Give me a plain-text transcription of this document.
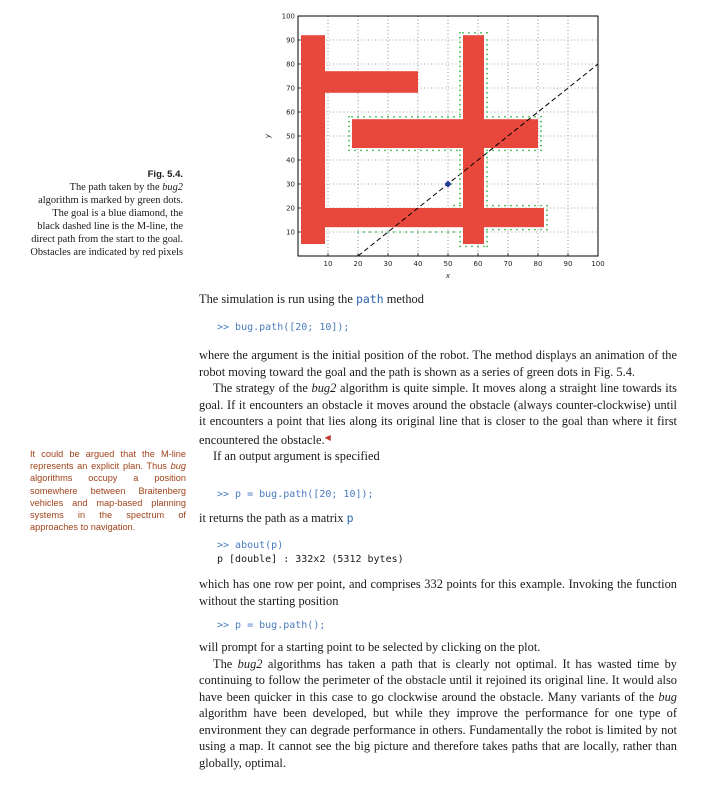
10	20	30	40	50	60	70	80	90	100
10
20
30
40
50
60
70
80
90
100
x
y
Fig. 5.4.
The path taken by the bug2 algorithm is marked by green dots. The goal is a blue diamond, the black dashed line is the M-line, the direct path from the start to the goal. Obstacles are indicated by red pixels
It could be argued that the M-line represents an explicit plan. Thus bug algorithms occupy a position somewhere between Braitenberg vehicles and map-based planning systems in the spectrum of approaches to navigation.

The simulation is run using the path method

>> bug.path([20; 10]);

where the argument is the initial position of the robot. The method displays an animation of the robot moving toward the goal and the path is shown as a series of green dots in Fig. 5.4.

The strategy of the bug2 algorithm is quite simple. It moves along a straight line towards its goal. If it encounters an obstacle it moves around the obstacle (always counter-clockwise) until it encounters a point that lies along its original line that is closer to the goal than where it first encountered the obstacle.◀

If an output argument is specified

>> p = bug.path([20; 10]);

it returns the path as a matrix p

>> about(p)
p [double] : 332x2 (5312 bytes)

which has one row per point, and comprises 332 points for this example. Invoking the function without the starting position

>> p = bug.path();

will prompt for a starting point to be selected by clicking on the plot.

The bug2 algorithms has taken a path that is clearly not optimal. It has wasted time by continuing to follow the perimeter of the obstacle until it rejoined its original line. It would also have been quicker in this case to go clockwise around the obstacle. Many variants of the bug algorithm have been developed, but while they improve the performance for one type of environment they can degrade performance in others. Fundamentally the robot is limited by not using a map. It cannot see the big picture and therefore takes paths that are locally, rather than globally, optimal.
